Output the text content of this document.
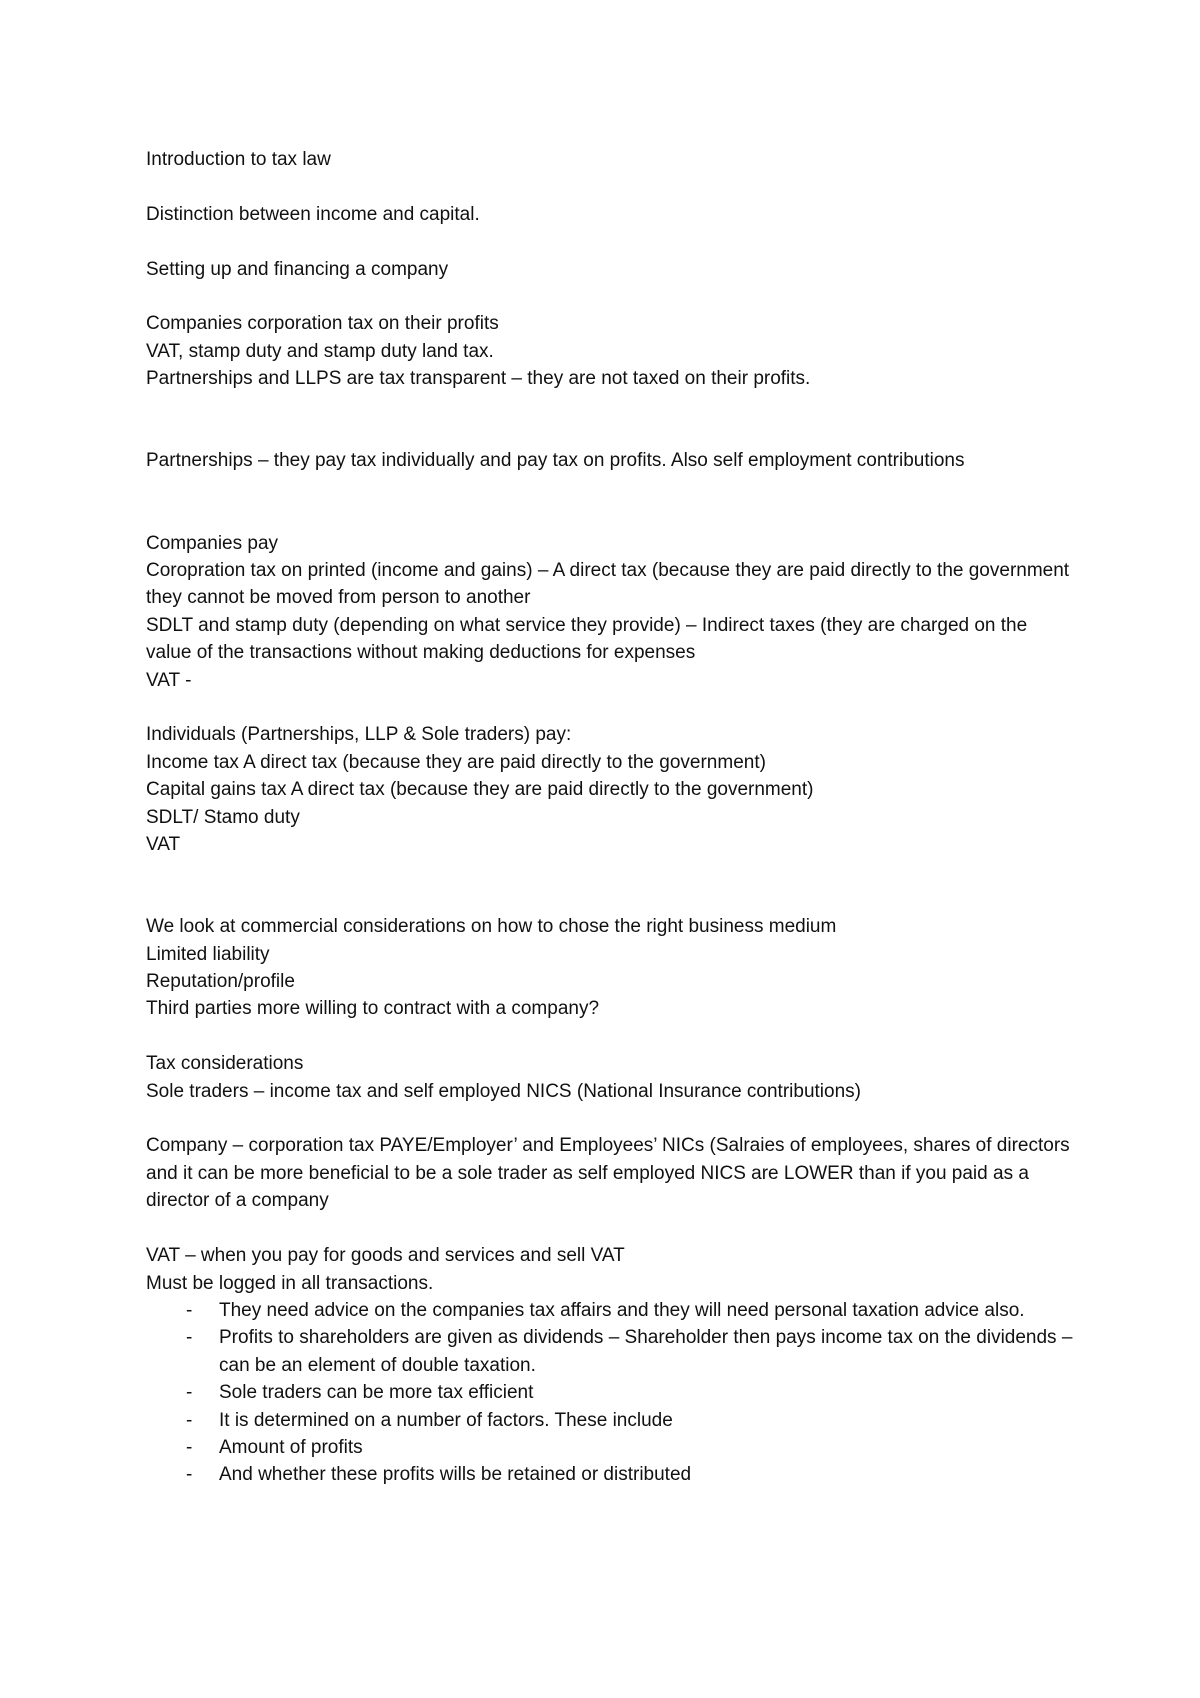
Introduction to tax law

Distinction between income and capital.

Setting up and financing a company

Companies corporation tax on their profits
VAT, stamp duty and stamp duty land tax.
Partnerships and LLPS are tax transparent – they are not taxed on their profits.

Partnerships – they pay tax individually and pay tax on profits. Also self employment contributions

Companies pay
Coropration tax on printed (income and gains) – A direct tax (because they are paid directly to the government they cannot be moved from person to another
SDLT and stamp duty (depending on what service they provide) – Indirect taxes (they are charged on the value of the transactions without making deductions for expenses
VAT -

Individuals (Partnerships, LLP & Sole traders) pay:
Income tax A direct tax (because they are paid directly to the government)
Capital gains tax A direct tax (because they are paid directly to the government)
SDLT/ Stamo duty
VAT

We look at commercial considerations on how to chose the right business medium
Limited liability
Reputation/profile
Third parties more willing to contract with a company?

Tax considerations
Sole traders – income tax and self employed NICS (National Insurance contributions)

Company – corporation tax PAYE/Employer’ and Employees’ NICs (Salraies of employees, shares of directors and it can be more beneficial to be a sole trader as self employed NICS are LOWER than if you paid as a director of a company

VAT – when you pay for goods and services and sell VAT
Must be logged in all transactions.

- They need advice on the companies tax affairs and they will need personal taxation advice also.
- Profits to shareholders are given as dividends – Shareholder then pays income tax on the dividends – can be an element of double taxation.
- Sole traders can be more tax efficient
- It is determined on a number of factors. These include
- Amount of profits
- And whether these profits wills be retained or distributed
